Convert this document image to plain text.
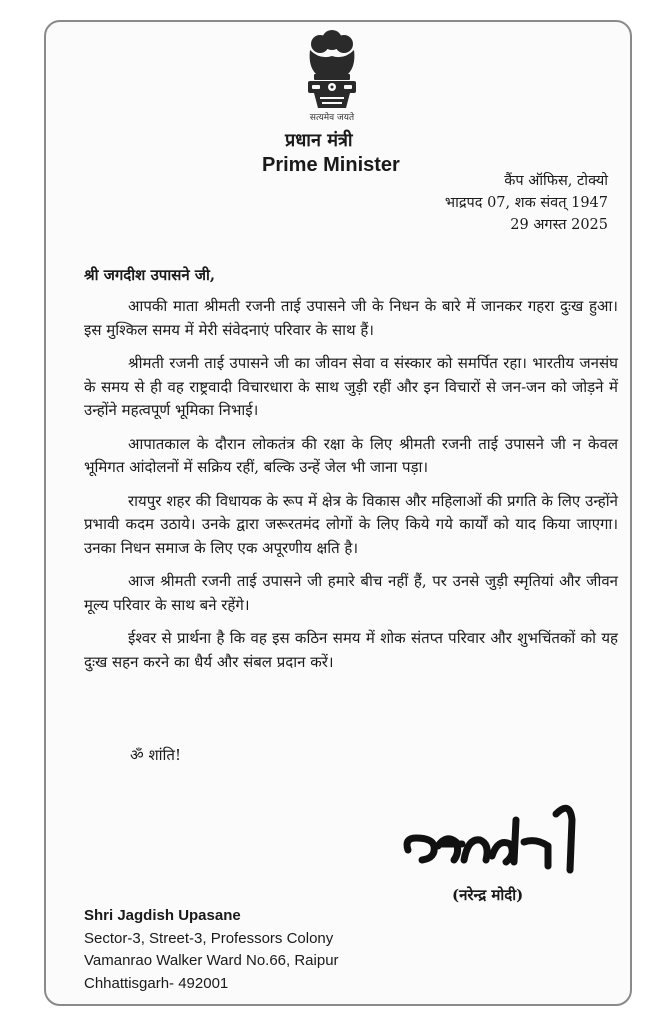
सत्यमेव जयते
प्रधान मंत्री
Prime Minister
कैंप ऑफिस, टोक्यो
भाद्रपद 07, शक संवत् 1947
29 अगस्त 2025
श्री जगदीश उपासने जी,

आपकी माता श्रीमती रजनी ताई उपासने जी के निधन के बारे में जानकर गहरा दुःख हुआ। इस मुश्किल समय में मेरी संवेदनाएं परिवार के साथ हैं।

श्रीमती रजनी ताई उपासने जी का जीवन सेवा व संस्कार को समर्पित रहा। भारतीय जनसंघ के समय से ही वह राष्ट्रवादी विचारधारा के साथ जुड़ी रहीं और इन विचारों से जन-जन को जोड़ने में उन्होंने महत्वपूर्ण भूमिका निभाई।

आपातकाल के दौरान लोकतंत्र की रक्षा के लिए श्रीमती रजनी ताई उपासने जी न केवल भूमिगत आंदोलनों में सक्रिय रहीं, बल्कि उन्हें जेल भी जाना पड़ा।

रायपुर शहर की विधायक के रूप में क्षेत्र के विकास और महिलाओं की प्रगति के लिए उन्होंने प्रभावी कदम उठाये। उनके द्वारा जरूरतमंद लोगों के लिए किये गये कार्यों को याद किया जाएगा। उनका निधन समाज के लिए एक अपूरणीय क्षति है।

आज श्रीमती रजनी ताई उपासने जी हमारे बीच नहीं हैं, पर उनसे जुड़ी स्मृतियां और जीवन मूल्य परिवार के साथ बने रहेंगे।

ईश्वर से प्रार्थना है कि वह इस कठिन समय में शोक संतप्त परिवार और शुभचिंतकों को यह दुःख सहन करने का धैर्य और संबल प्रदान करें।

ॐ शांति!
(नरेन्द्र मोदी)
Shri Jagdish Upasane
Sector-3, Street-3, Professors Colony
Vamanrao Walker Ward No.66, Raipur
Chhattisgarh- 492001
